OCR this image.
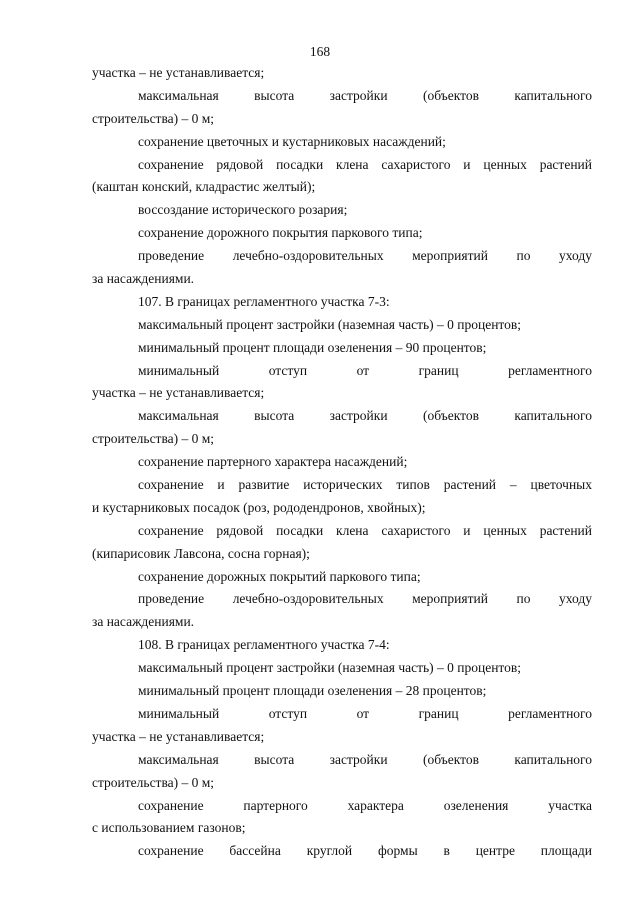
168
участка – не устанавливается;
максимальная высота застройки (объектов капитального
строительства) – 0 м;
сохранение цветочных и кустарниковых насаждений;
сохранение рядовой посадки клена сахаристого и ценных растений
(каштан конский, кладрастис желтый);
воссоздание исторического розария;
сохранение дорожного покрытия паркового типа;
проведение лечебно-оздоровительных мероприятий по уходу
за насаждениями.
107. В границах регламентного участка 7-3:
максимальный процент застройки (наземная часть) – 0 процентов;
минимальный процент площади озеленения – 90 процентов;
минимальный отступ от границ регламентного
участка – не устанавливается;
максимальная высота застройки (объектов капитального
строительства) – 0 м;
сохранение партерного характера насаждений;
сохранение и развитие исторических типов растений – цветочных
и кустарниковых посадок (роз, рододендронов, хвойных);
сохранение рядовой посадки клена сахаристого и ценных растений
(кипарисовик Лавсона, сосна горная);
сохранение дорожных покрытий паркового типа;
проведение лечебно-оздоровительных мероприятий по уходу
за насаждениями.
108. В границах регламентного участка 7-4:
максимальный процент застройки (наземная часть) – 0 процентов;
минимальный процент площади озеленения – 28 процентов;
минимальный отступ от границ регламентного
участка – не устанавливается;
максимальная высота застройки (объектов капитального
строительства) – 0 м;
сохранение партерного характера озеленения участка
с использованием газонов;
сохранение бассейна круглой формы в центре площади
